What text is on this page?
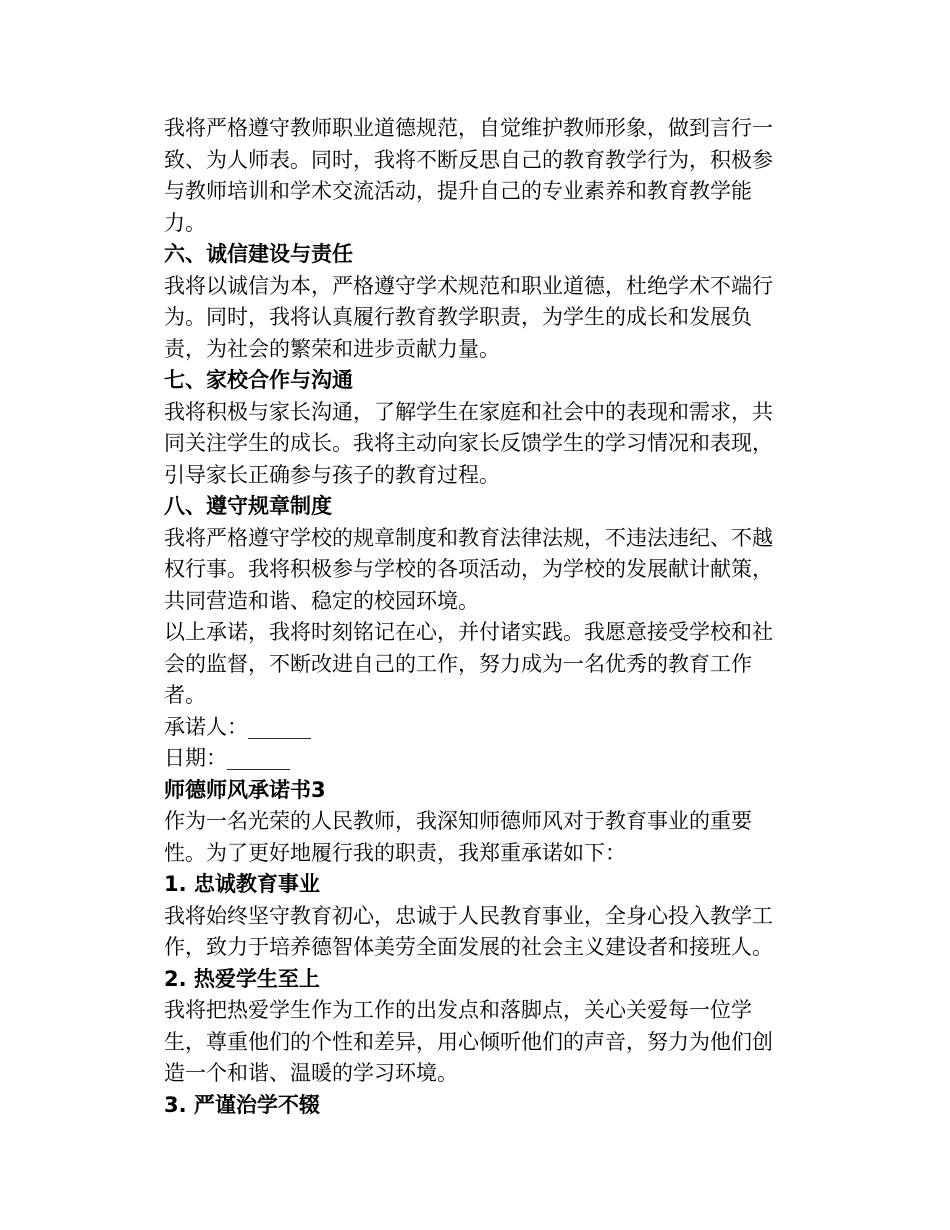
我将严格遵守教师职业道德规范，自觉维护教师形象，做到言行一致、为人师表。同时，我将不断反思自己的教育教学行为，积极参与教师培训和学术交流活动，提升自己的专业素养和教育教学能力。

六、诚信建设与责任

我将以诚信为本，严格遵守学术规范和职业道德，杜绝学术不端行为。同时，我将认真履行教育教学职责，为学生的成长和发展负责，为社会的繁荣和进步贡献力量。

七、家校合作与沟通

我将积极与家长沟通，了解学生在家庭和社会中的表现和需求，共同关注学生的成长。我将主动向家长反馈学生的学习情况和表现，引导家长正确参与孩子的教育过程。

八、遵守规章制度

我将严格遵守学校的规章制度和教育法律法规，不违法违纪、不越权行事。我将积极参与学校的各项活动，为学校的发展献计献策，共同营造和谐、稳定的校园环境。

以上承诺，我将时刻铭记在心，并付诸实践。我愿意接受学校和社会的监督，不断改进自己的工作，努力成为一名优秀的教育工作者。

承诺人：______

日期：______

师德师风承诺书3

作为一名光荣的人民教师，我深知师德师风对于教育事业的重要性。为了更好地履行我的职责，我郑重承诺如下：

1. 忠诚教育事业

我将始终坚守教育初心，忠诚于人民教育事业，全身心投入教学工作，致力于培养德智体美劳全面发展的社会主义建设者和接班人。

2. 热爱学生至上

我将把热爱学生作为工作的出发点和落脚点，关心关爱每一位学生，尊重他们的个性和差异，用心倾听他们的声音，努力为他们创造一个和谐、温暖的学习环境。

3. 严谨治学不辍
